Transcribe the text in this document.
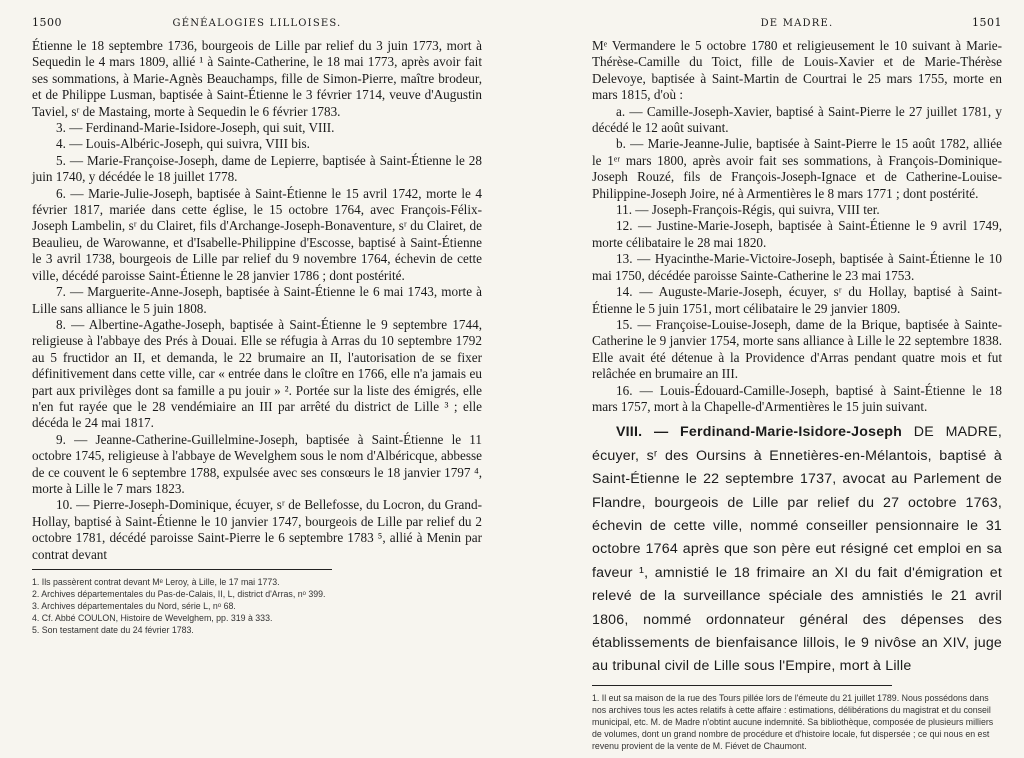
1500	GÉNÉALOGIES LILLOISES.

Étienne le 18 septembre 1736, bourgeois de Lille par relief du 3 juin 1773, mort à Sequedin le 4 mars 1809, allié ¹ à Sainte-Catherine, le 18 mai 1773, après avoir fait ses sommations, à Marie-Agnès Beauchamps, fille de Simon-Pierre, maître brodeur, et de Philippe Lusman, baptisée à Saint-Étienne le 3 février 1714, veuve d'Augustin Taviel, sʳ de Mastaing, morte à Sequedin le 6 février 1783.

3. — Ferdinand-Marie-Isidore-Joseph, qui suit, VIII.

4. — Louis-Albéric-Joseph, qui suivra, VIII bis.

5. — Marie-Françoise-Joseph, dame de Lepierre, baptisée à Saint-Étienne le 28 juin 1740, y décédée le 18 juillet 1778.

6. — Marie-Julie-Joseph, baptisée à Saint-Étienne le 15 avril 1742, morte le 4 février 1817, mariée dans cette église, le 15 octobre 1764, avec François-Félix-Joseph Lambelin, sʳ du Clairet, fils d'Archange-Joseph-Bonaventure, sʳ du Clairet, de Beaulieu, de Warowanne, et d'Isabelle-Philippine d'Escosse, baptisé à Saint-Étienne le 3 avril 1738, bourgeois de Lille par relief du 9 novembre 1764, échevin de cette ville, décédé paroisse Saint-Étienne le 28 janvier 1786 ; dont postérité.

7. — Marguerite-Anne-Joseph, baptisée à Saint-Étienne le 6 mai 1743, morte à Lille sans alliance le 5 juin 1808.

8. — Albertine-Agathe-Joseph, baptisée à Saint-Étienne le 9 septembre 1744, religieuse à l'abbaye des Prés à Douai. Elle se réfugia à Arras du 10 septembre 1792 au 5 fructidor an II, et demanda, le 22 brumaire an II, l'autorisation de se fixer définitivement dans cette ville, car « entrée dans le cloître en 1766, elle n'a jamais eu part aux privilèges dont sa famille a pu jouir » ². Portée sur la liste des émigrés, elle n'en fut rayée que le 28 vendémiaire an III par arrêté du district de Lille ³ ; elle décéda le 24 mai 1817.

9. — Jeanne-Catherine-Guillelmine-Joseph, baptisée à Saint-Étienne le 11 octobre 1745, religieuse à l'abbaye de Wevelghem sous le nom d'Albéricque, abbesse de ce couvent le 6 septembre 1788, expulsée avec ses consœurs le 18 janvier 1797 ⁴, morte à Lille le 7 mars 1823.

10. — Pierre-Joseph-Dominique, écuyer, sʳ de Bellefosse, du Locron, du Grand-Hollay, baptisé à Saint-Étienne le 10 janvier 1747, bourgeois de Lille par relief du 2 octobre 1781, décédé paroisse Saint-Pierre le 6 septembre 1783 ⁵, allié à Menin par contrat devant

1. Ils passèrent contrat devant Mᵉ Leroy, à Lille, le 17 mai 1773.
2. Archives départementales du Pas-de-Calais, II, L, district d'Arras, nᵒ 399.
3. Archives départementales du Nord, série L, nᵒ 68.
4. Cf. Abbé COULON, Histoire de Wevelghem, pp. 319 à 333.
5. Son testament date du 24 février 1783.
DE MADRE.	1501

Mᵉ Vermandere le 5 octobre 1780 et religieusement le 10 suivant à Marie-Thérèse-Camille du Toict, fille de Louis-Xavier et de Marie-Thérèse Delevoye, baptisée à Saint-Martin de Courtrai le 25 mars 1755, morte en mars 1815, d'où :

a. — Camille-Joseph-Xavier, baptisé à Saint-Pierre le 27 juillet 1781, y décédé le 12 août suivant.

b. — Marie-Jeanne-Julie, baptisée à Saint-Pierre le 15 août 1782, alliée le 1ᵉʳ mars 1800, après avoir fait ses sommations, à François-Dominique-Joseph Rouzé, fils de François-Joseph-Ignace et de Catherine-Louise-Philippine-Joseph Joire, né à Armentières le 8 mars 1771 ; dont postérité.

11. — Joseph-François-Régis, qui suivra, VIII ter.

12. — Justine-Marie-Joseph, baptisée à Saint-Étienne le 9 avril 1749, morte célibataire le 28 mai 1820.

13. — Hyacinthe-Marie-Victoire-Joseph, baptisée à Saint-Étienne le 10 mai 1750, décédée paroisse Sainte-Catherine le 23 mai 1753.

14. — Auguste-Marie-Joseph, écuyer, sʳ du Hollay, baptisé à Saint-Étienne le 5 juin 1751, mort célibataire le 29 janvier 1809.

15. — Françoise-Louise-Joseph, dame de la Brique, baptisée à Sainte-Catherine le 9 janvier 1754, morte sans alliance à Lille le 22 septembre 1838. Elle avait été détenue à la Providence d'Arras pendant quatre mois et fut relâchée en brumaire an III.

16. — Louis-Édouard-Camille-Joseph, baptisé à Saint-Étienne le 18 mars 1757, mort à la Chapelle-d'Armentières le 15 juin suivant.

VIII. — Ferdinand-Marie-Isidore-Joseph DE MADRE, écuyer, sʳ des Oursins à Ennetières-en-Mélantois, baptisé à Saint-Étienne le 22 septembre 1737, avocat au Parlement de Flandre, bourgeois de Lille par relief du 27 octobre 1763, échevin de cette ville, nommé conseiller pensionnaire le 31 octobre 1764 après que son père eut résigné cet emploi en sa faveur ¹, amnistié le 18 frimaire an XI du fait d'émigration et relevé de la surveillance spéciale des amnistiés le 21 avril 1806, nommé ordonnateur général des dépenses des établissements de bienfaisance lillois, le 9 nivôse an XIV, juge au tribunal civil de Lille sous l'Empire, mort à Lille

1. Il eut sa maison de la rue des Tours pillée lors de l'émeute du 21 juillet 1789. Nous possédons dans nos archives tous les actes relatifs à cette affaire : estimations, délibérations du magistrat et du conseil municipal, etc. M. de Madre n'obtint aucune indemnité. Sa bibliothèque, composée de plusieurs milliers de volumes, dont un grand nombre de procédure et d'histoire locale, fut dispersée ; ce qui nous en est revenu provient de la vente de M. Fiévet de Chaumont.
